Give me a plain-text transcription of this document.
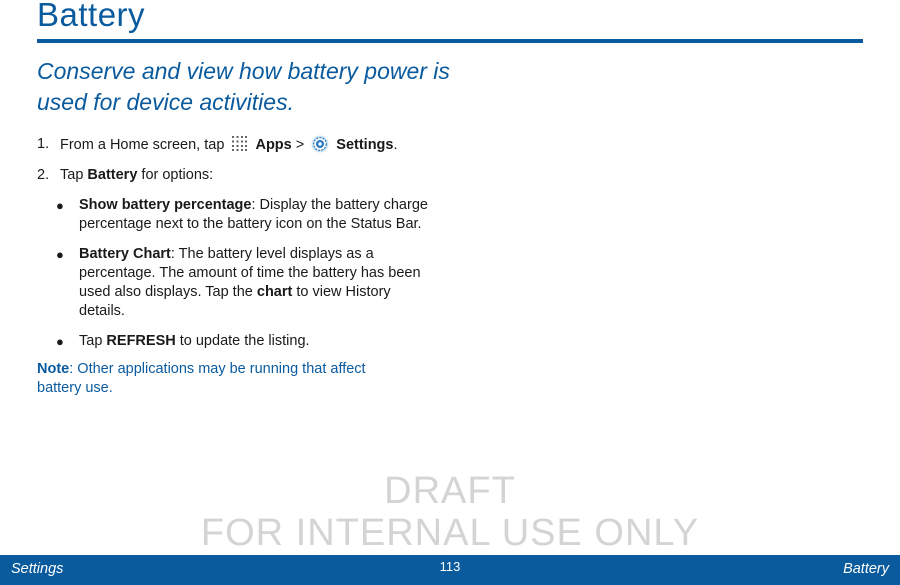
Battery
Conserve and view how battery power is used for device activities.
1. From a Home screen, tap Apps > Settings.
2. Tap Battery for options:
● Show battery percentage: Display the battery charge percentage next to the battery icon on the Status Bar.
● Battery Chart: The battery level displays as a percentage. The amount of time the battery has been used also displays. Tap the chart to view History details.
● Tap REFRESH to update the listing.
Note: Other applications may be running that affect battery use.
DRAFT
FOR INTERNAL USE ONLY
Settings	113	Battery
